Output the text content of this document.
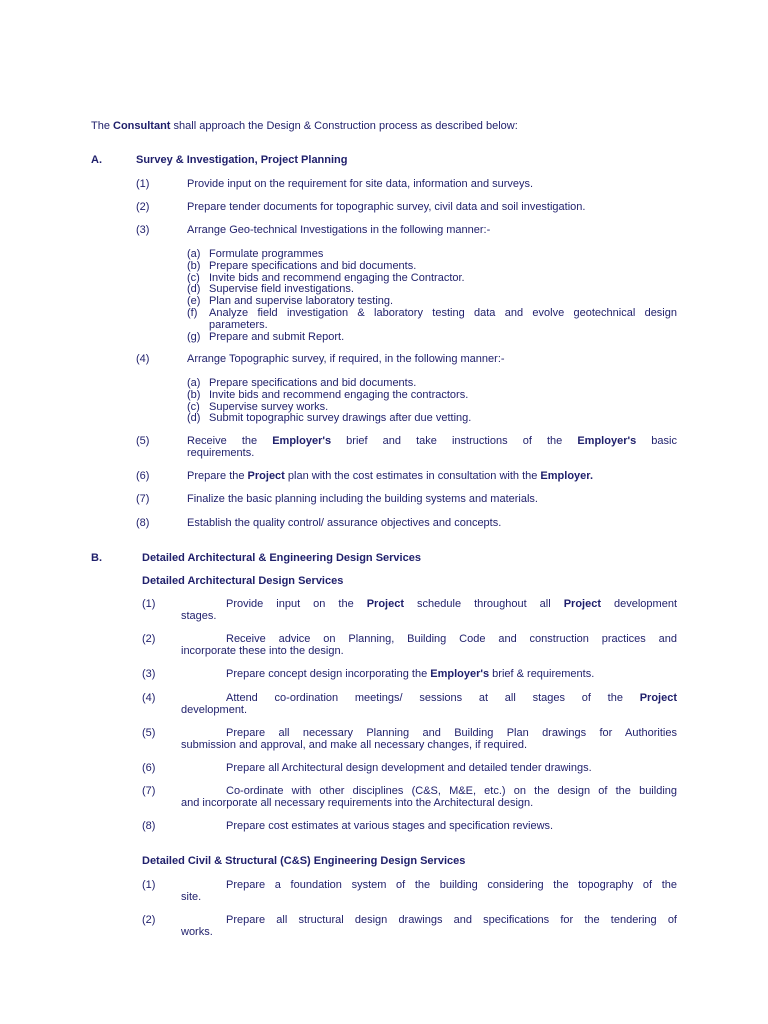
The Consultant shall approach the Design & Construction process as described below:
A.	Survey & Investigation, Project Planning
(1)	Provide input on the requirement for site data, information and surveys.
(2)	Prepare tender documents for topographic survey, civil data and soil investigation.
(3)	Arrange Geo-technical Investigations in the following manner:-
(a) Formulate programmes
(b) Prepare specifications and bid documents.
(c) Invite bids and recommend engaging the Contractor.
(d) Supervise field investigations.
(e) Plan and supervise laboratory testing.
(f)	Analyze field investigation & laboratory testing data and evolve geotechnical design
parameters.
(g) Prepare and submit Report.
(4)	Arrange Topographic survey, if required, in the following manner:-
(a) Prepare specifications and bid documents.
(b) Invite bids and recommend engaging the contractors.
(c) Supervise survey works.
(d) Submit topographic survey drawings after due vetting.
(5)	Receive the Employer's brief and take instructions of the Employer's basic
requirements.
(6)	Prepare the Project plan with the cost estimates in consultation with the Employer.
(7)	Finalize the basic planning including the building systems and materials.
(8)	Establish the quality control/ assurance objectives and concepts.
B.	Detailed Architectural & Engineering Design Services
Detailed Architectural Design Services
(1)	Provide input on the Project schedule throughout all Project development
stages.
(2)	Receive advice on Planning, Building Code and construction practices and
incorporate these into the design.
(3)	Prepare concept design incorporating the Employer's brief & requirements.
(4)	Attend co-ordination meetings/ sessions at all stages of the Project
development.
(5)	Prepare all necessary Planning and Building Plan drawings for Authorities
submission and approval, and make all necessary changes, if required.
(6)	Prepare all Architectural design development and detailed tender drawings.
(7)	Co-ordinate with other disciplines (C&S, M&E, etc.) on the design of the building
and incorporate all necessary requirements into the Architectural design.
(8)	Prepare cost estimates at various stages and specification reviews.
Detailed Civil & Structural (C&S) Engineering Design Services
(1)	Prepare a foundation system of the building considering the topography of the
site.
(2)	Prepare all structural design drawings and specifications for the tendering of
works.
